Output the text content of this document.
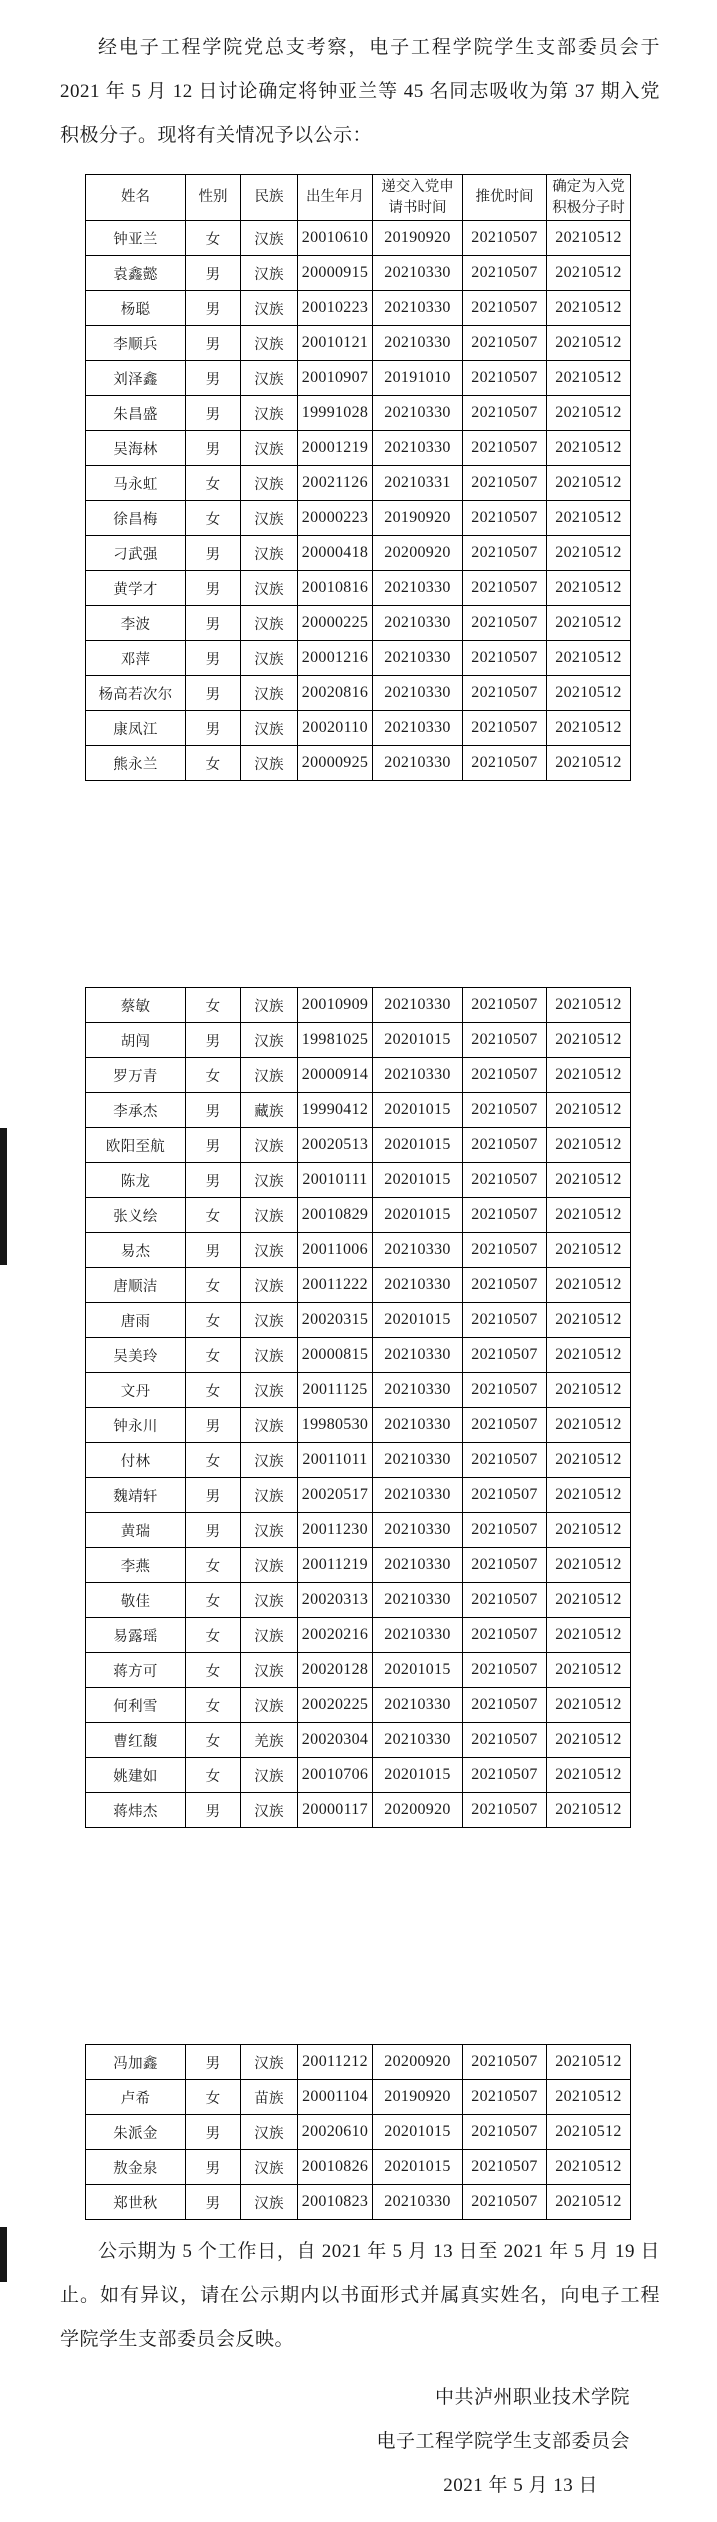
经电子工程学院党总支考察，电子工程学院学生支部委员会于 2021 年 5 月 12 日讨论确定将钟亚兰等 45 名同志吸收为第 37 期入党积极分子。现将有关情况予以公示：

姓名	性别	民族	出生年月	递交入党申请书时间	推优时间	确定为入党积极分子时
钟亚兰	女	汉族	20010610	20190920	20210507	20210512
袁鑫懿	男	汉族	20000915	20210330	20210507	20210512
杨聪	男	汉族	20010223	20210330	20210507	20210512
李顺兵	男	汉族	20010121	20210330	20210507	20210512
刘泽鑫	男	汉族	20010907	20191010	20210507	20210512
朱昌盛	男	汉族	19991028	20210330	20210507	20210512
吴海林	男	汉族	20001219	20210330	20210507	20210512
马永虹	女	汉族	20021126	20210331	20210507	20210512
徐昌梅	女	汉族	20000223	20190920	20210507	20210512
刁武强	男	汉族	20000418	20200920	20210507	20210512
黄学才	男	汉族	20010816	20210330	20210507	20210512
李波	男	汉族	20000225	20210330	20210507	20210512
邓萍	男	汉族	20001216	20210330	20210507	20210512
杨高若次尔	男	汉族	20020816	20210330	20210507	20210512
康凤江	男	汉族	20020110	20210330	20210507	20210512
熊永兰	女	汉族	20000925	20210330	20210507	20210512
蔡敏	女	汉族	20010909	20210330	20210507	20210512
胡闯	男	汉族	19981025	20201015	20210507	20210512
罗万青	女	汉族	20000914	20210330	20210507	20210512
李承杰	男	藏族	19990412	20201015	20210507	20210512
欧阳至航	男	汉族	20020513	20201015	20210507	20210512
陈龙	男	汉族	20010111	20201015	20210507	20210512
张义绘	女	汉族	20010829	20201015	20210507	20210512
易杰	男	汉族	20011006	20210330	20210507	20210512
唐顺洁	女	汉族	20011222	20210330	20210507	20210512
唐雨	女	汉族	20020315	20201015	20210507	20210512
吴美玲	女	汉族	20000815	20210330	20210507	20210512
文丹	女	汉族	20011125	20210330	20210507	20210512
钟永川	男	汉族	19980530	20210330	20210507	20210512
付林	女	汉族	20011011	20210330	20210507	20210512
魏靖轩	男	汉族	20020517	20210330	20210507	20210512
黄瑞	男	汉族	20011230	20210330	20210507	20210512
李燕	女	汉族	20011219	20210330	20210507	20210512
敬佳	女	汉族	20020313	20210330	20210507	20210512
易露瑶	女	汉族	20020216	20210330	20210507	20210512
蒋方可	女	汉族	20020128	20201015	20210507	20210512
何利雪	女	汉族	20020225	20210330	20210507	20210512
曹红馥	女	羌族	20020304	20210330	20210507	20210512
姚建如	女	汉族	20010706	20201015	20210507	20210512
蒋炜杰	男	汉族	20000117	20200920	20210507	20210512
冯加鑫	男	汉族	20011212	20200920	20210507	20210512
卢希	女	苗族	20001104	20190920	20210507	20210512
朱派金	男	汉族	20020610	20201015	20210507	20210512
敖金泉	男	汉族	20010826	20201015	20210507	20210512
郑世秋	男	汉族	20010823	20210330	20210507	20210512

公示期为 5 个工作日，自 2021 年 5 月 13 日至 2021 年 5 月 19 日止。如有异议，请在公示期内以书面形式并属真实姓名，向电子工程学院学生支部委员会反映。

中共泸州职业技术学院
电子工程学院学生支部委员会
2021 年 5 月 13 日
